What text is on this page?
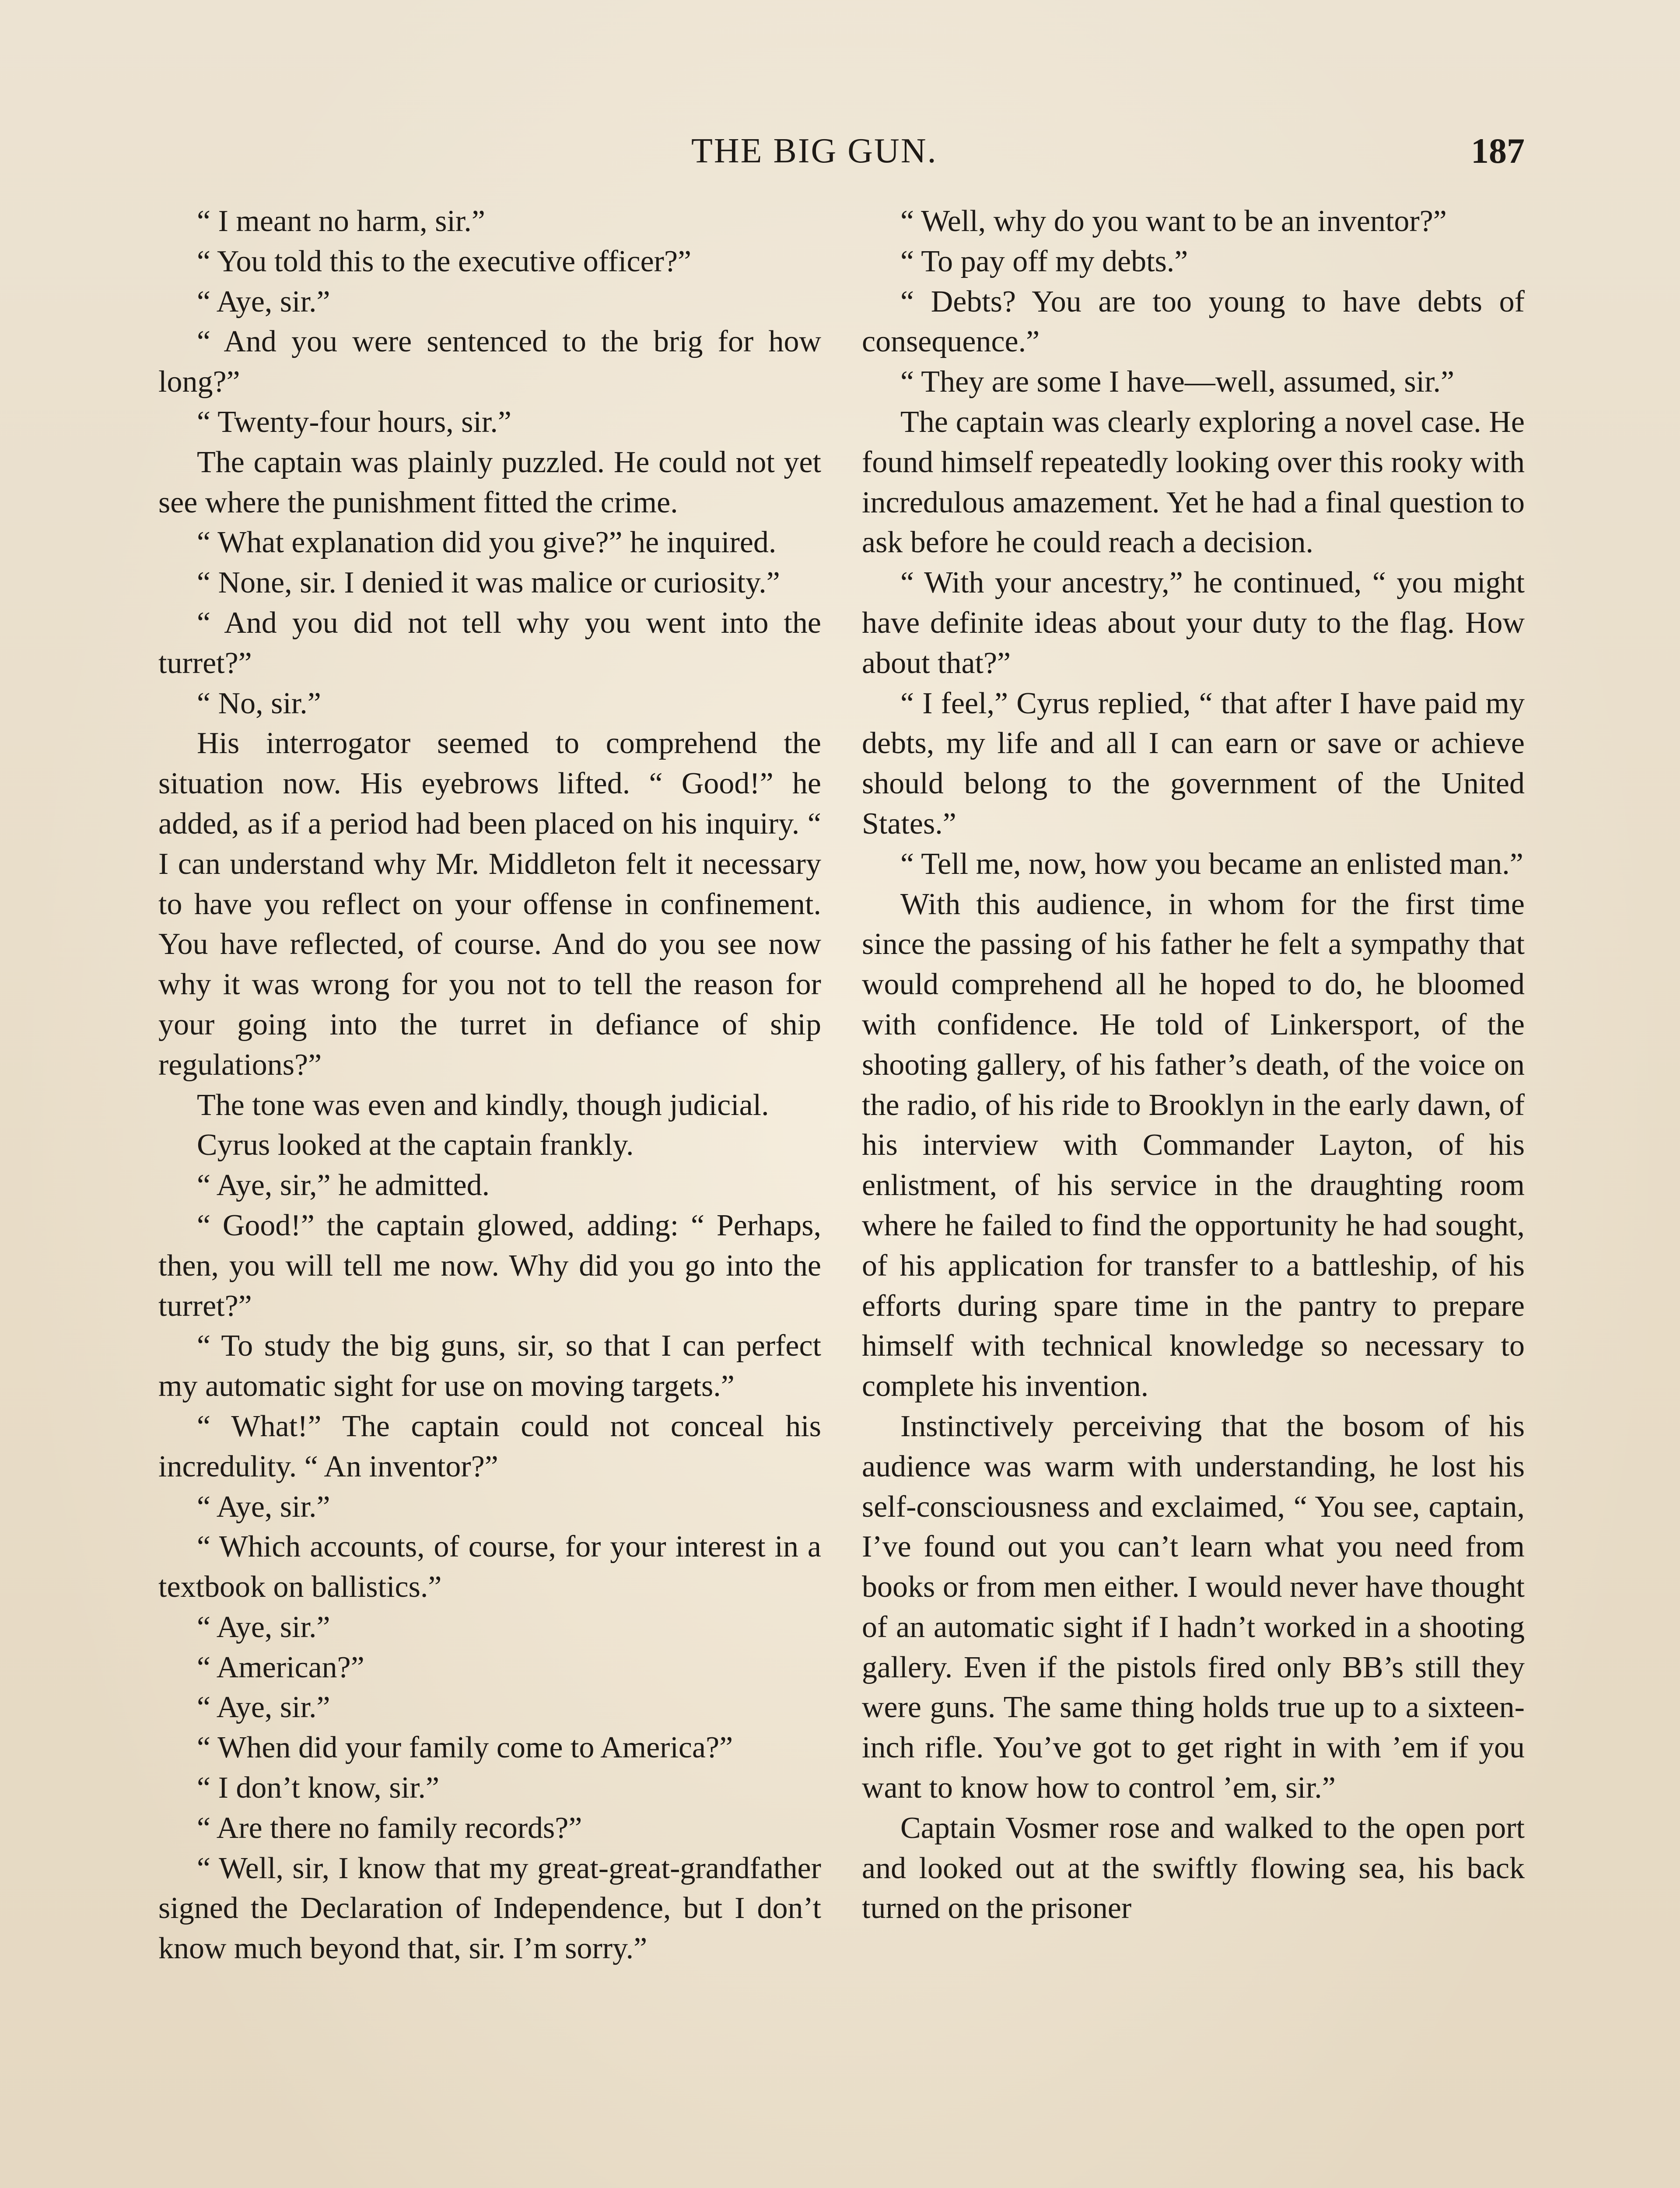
THE BIG GUN.	187

“ I meant no harm, sir.”

“ You told this to the executive officer?”

“ Aye, sir.”

“ And you were sentenced to the brig for how long?”

“ Twenty-four hours, sir.”

The captain was plainly puzzled. He could not yet see where the punishment fitted the crime.

“ What explanation did you give?” he inquired.

“ None, sir. I denied it was malice or curiosity.”

“ And you did not tell why you went into the turret?”

“ No, sir.”

His interrogator seemed to comprehend the situation now. His eyebrows lifted. “ Good!” he added, as if a period had been placed on his inquiry. “ I can understand why Mr. Middleton felt it necessary to have you reflect on your offense in confinement. You have reflected, of course. And do you see now why it was wrong for you not to tell the reason for your going into the turret in defiance of ship regulations?”

The tone was even and kindly, though judicial.

Cyrus looked at the captain frankly.

“ Aye, sir,” he admitted.

“ Good!” the captain glowed, adding: “ Perhaps, then, you will tell me now. Why did you go into the turret?”

“ To study the big guns, sir, so that I can perfect my automatic sight for use on moving targets.”

“ What!” The captain could not conceal his incredulity. “ An inventor?”

“ Aye, sir.”

“ Which accounts, of course, for your interest in a textbook on ballistics.”

“ Aye, sir.”

“ American?”

“ Aye, sir.”

“ When did your family come to America?”

“ I don’t know, sir.”

“ Are there no family records?”

“ Well, sir, I know that my great-great-grandfather signed the Declaration of Independence, but I don’t know much beyond that, sir. I’m sorry.”

“ Well, why do you want to be an inventor?”

“ To pay off my debts.”

“ Debts? You are too young to have debts of consequence.”

“ They are some I have—well, assumed, sir.”

The captain was clearly exploring a novel case. He found himself repeatedly looking over this rooky with incredulous amazement. Yet he had a final question to ask before he could reach a decision.

“ With your ancestry,” he continued, “ you might have definite ideas about your duty to the flag. How about that?”

“ I feel,” Cyrus replied, “ that after I have paid my debts, my life and all I can earn or save or achieve should belong to the government of the United States.”

“ Tell me, now, how you became an enlisted man.”

With this audience, in whom for the first time since the passing of his father he felt a sympathy that would comprehend all he hoped to do, he bloomed with confidence. He told of Linkersport, of the shooting gallery, of his father’s death, of the voice on the radio, of his ride to Brooklyn in the early dawn, of his interview with Commander Layton, of his enlistment, of his service in the draughting room where he failed to find the opportunity he had sought, of his application for transfer to a battleship, of his efforts during spare time in the pantry to prepare himself with technical knowledge so necessary to complete his invention.

Instinctively perceiving that the bosom of his audience was warm with understanding, he lost his self-consciousness and exclaimed, “ You see, captain, I’ve found out you can’t learn what you need from books or from men either. I would never have thought of an automatic sight if I hadn’t worked in a shooting gallery. Even if the pistols fired only BB’s still they were guns. The same thing holds true up to a sixteen-inch rifle. You’ve got to get right in with ’em if you want to know how to control ’em, sir.”

Captain Vosmer rose and walked to the open port and looked out at the swiftly flowing sea, his back turned on the prisoner
